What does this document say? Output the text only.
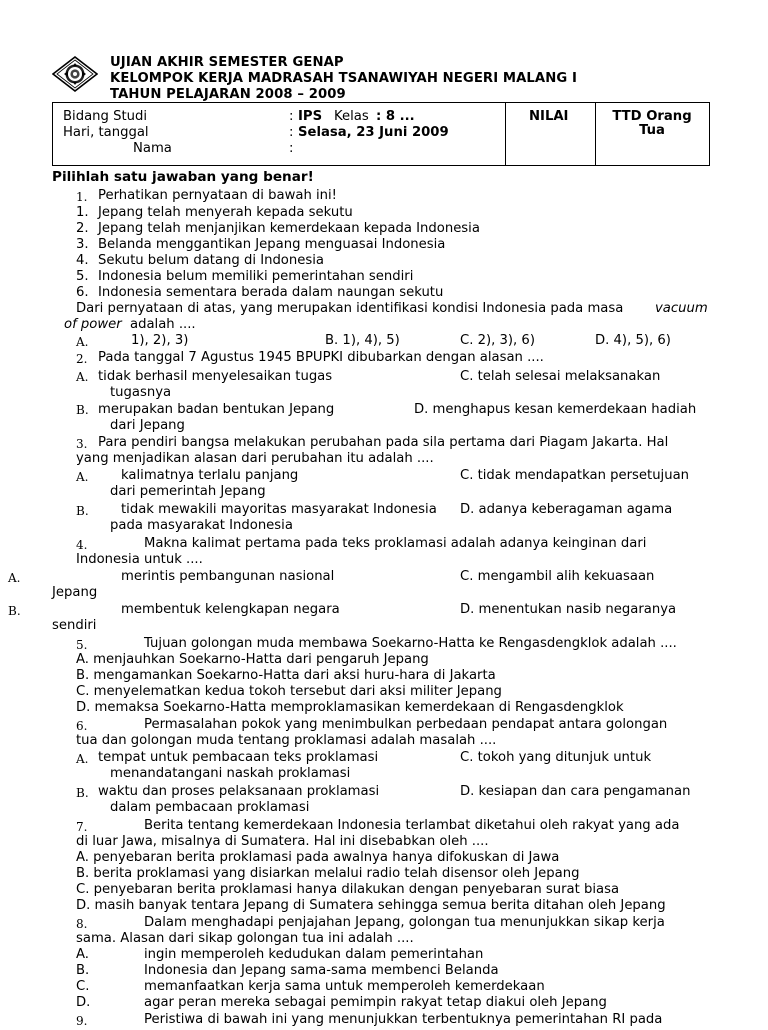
UJIAN AKHIR SEMESTER GENAP
KELOMPOK KERJA MADRASAH TSANAWIYAH NEGERI MALANG I
TAHUN PELAJARAN 2008 – 2009
Bidang Studi	: IPS Kelas : 8 ...
Hari, tanggal	: Selasa, 23 Juni 2009
Nama	:
NILAI	TTD Orang
Tua
Pilihlah satu jawaban yang benar!
1. Perhatikan pernyataan di bawah ini!
1. Jepang telah menyerah kepada sekutu
2. Jepang telah menjanjikan kemerdekaan kepada Indonesia
3. Belanda menggantikan Jepang menguasai Indonesia
4. Sekutu belum datang di Indonesia
5. Indonesia belum memiliki pemerintahan sendiri
6. Indonesia sementara berada dalam naungan sekutu
Dari pernyataan di atas, yang merupakan identifikasi kondisi Indonesia pada masa vacuum
of power adalah ....
A.	1), 2), 3)	B. 1), 4), 5)	C. 2), 3), 6)	D. 4), 5), 6)
2. Pada tanggal 7 Agustus 1945 BPUPKI dibubarkan dengan alasan ....
A. tidak berhasil menyelesaikan tugas	C. telah selesai melaksanakan
tugasnya
B. merupakan badan bentukan Jepang	D. menghapus kesan kemerdekaan hadiah
dari Jepang
3. Para pendiri bangsa melakukan perubahan pada sila pertama dari Piagam Jakarta. Hal
yang menjadikan alasan dari perubahan itu adalah ....
A. kalimatnya terlalu panjang	C. tidak mendapatkan persetujuan
dari pemerintah Jepang
B. tidak mewakili mayoritas masyarakat Indonesia D. adanya keberagaman agama
pada masyarakat Indonesia
4.	Makna kalimat pertama pada teks proklamasi adalah adanya keinginan dari
Indonesia untuk ....
A.	merintis pembangunan nasional	C. mengambil alih kekuasaan
Jepang
B.	membentuk kelengkapan negara	D. menentukan nasib negaranya
sendiri
5.	Tujuan golongan muda membawa Soekarno-Hatta ke Rengasdengklok adalah ....
A. menjauhkan Soekarno-Hatta dari pengaruh Jepang
B. mengamankan Soekarno-Hatta dari aksi huru-hara di Jakarta
C. menyelematkan kedua tokoh tersebut dari aksi militer Jepang
D. memaksa Soekarno-Hatta memproklamasikan kemerdekaan di Rengasdengklok
6.	Permasalahan pokok yang menimbulkan perbedaan pendapat antara golongan
tua dan golongan muda tentang proklamasi adalah masalah ....
A. tempat untuk pembacaan teks proklamasi	C. tokoh yang ditunjuk untuk
menandatangani naskah proklamasi
B. waktu dan proses pelaksanaan proklamasi	D. kesiapan dan cara pengamanan
dalam pembacaan proklamasi
7.	Berita tentang kemerdekaan Indonesia terlambat diketahui oleh rakyat yang ada
di luar Jawa, misalnya di Sumatera. Hal ini disebabkan oleh ....
A. penyebaran berita proklamasi pada awalnya hanya difokuskan di Jawa
B. berita proklamasi yang disiarkan melalui radio telah disensor oleh Jepang
C. penyebaran berita proklamasi hanya dilakukan dengan penyebaran surat biasa
D. masih banyak tentara Jepang di Sumatera sehingga semua berita ditahan oleh Jepang
8.	Dalam menghadapi penjajahan Jepang, golongan tua menunjukkan sikap kerja
sama. Alasan dari sikap golongan tua ini adalah ....
A.	ingin memperoleh kedudukan dalam pemerintahan
B.	Indonesia dan Jepang sama-sama membenci Belanda
C.	memanfaatkan kerja sama untuk memperoleh kemerdekaan
D.	agar peran mereka sebagai pemimpin rakyat tetap diakui oleh Jepang
9.	Peristiwa di bawah ini yang menunjukkan terbentuknya pemerintahan RI pada
